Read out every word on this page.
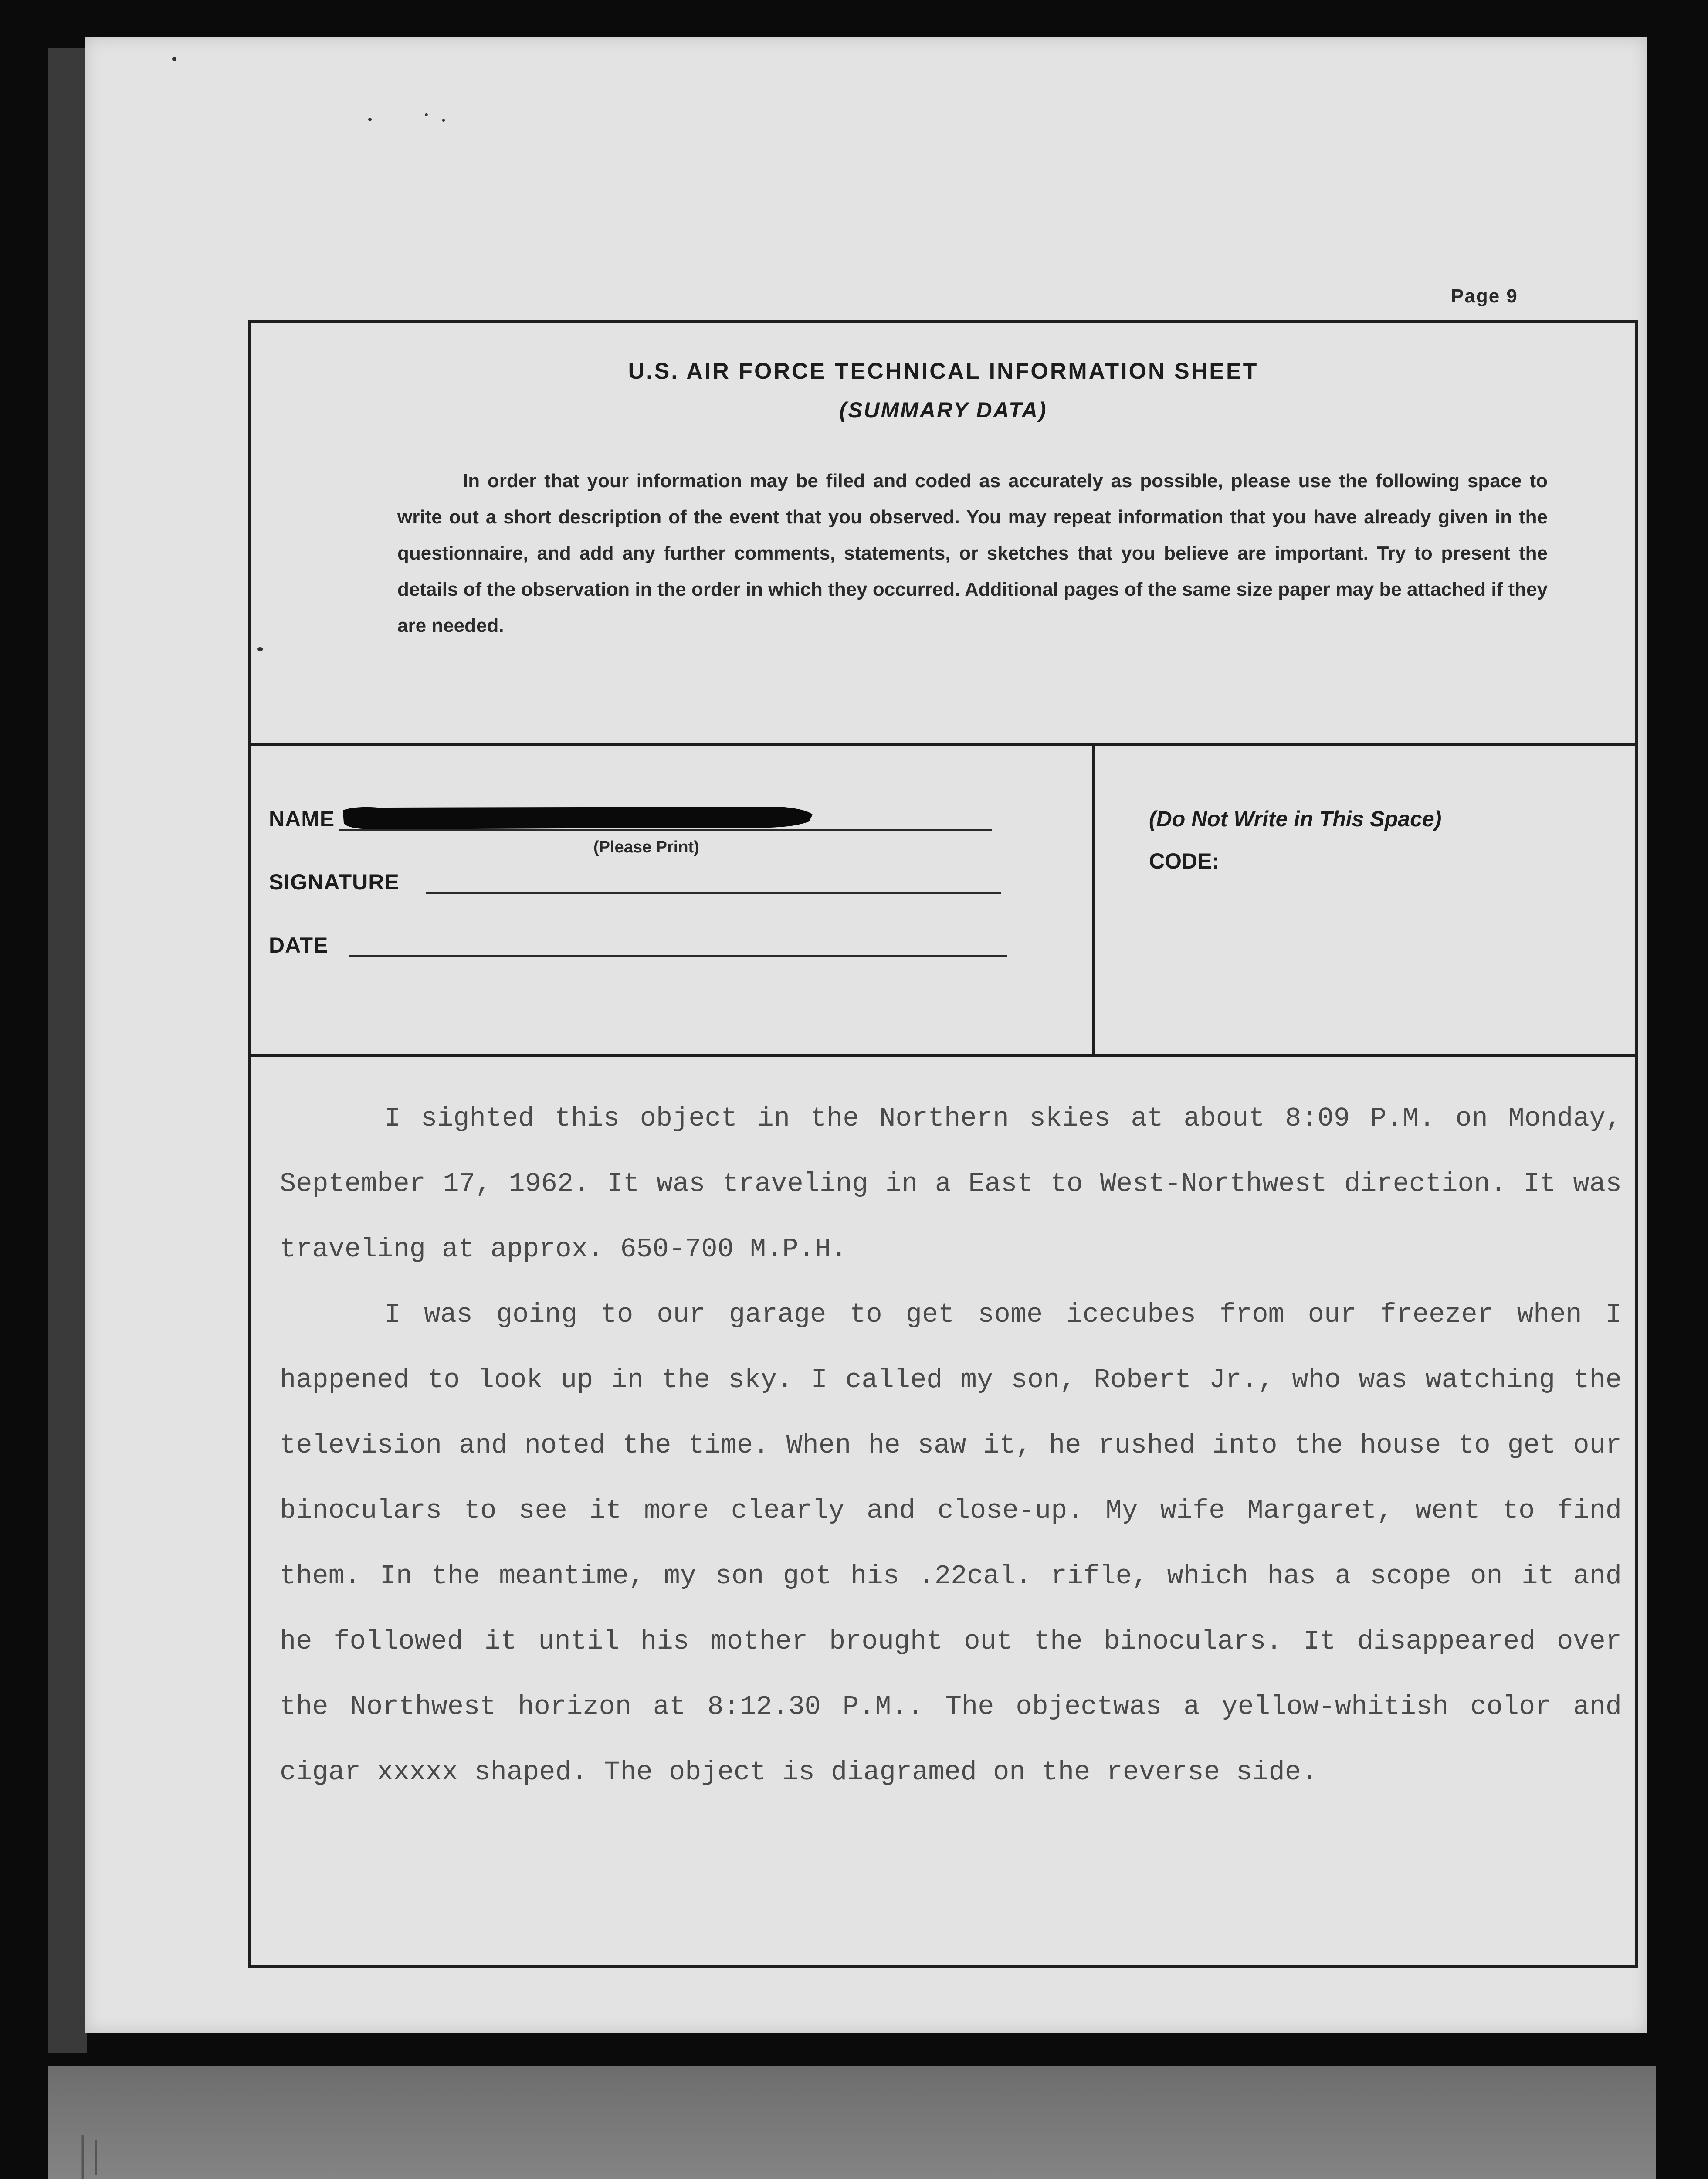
Page 9
U.S. AIR FORCE TECHNICAL INFORMATION SHEET
(SUMMARY DATA)

In order that your information may be filed and coded as accurately as possible, please use the following space to write out a short description of the event that you observed. You may repeat information that you have already given in the questionnaire, and add any further comments, statements, or sketches that you believe are important. Try to present the details of the observation in the order in which they occurred. Additional pages of the same size paper may be attached if they are needed.

NAME
(Please Print)
SIGNATURE
DATE
(Do Not Write in This Space)
CODE:

I sighted this object in the Northern skies at about 8:09 P.M. on Monday, September 17, 1962. It was traveling in a East to West-Northwest direction. It was traveling at approx. 650-700 M.P.H.

I was going to our garage to get some icecubes from our freezer when I happened to look up in the sky. I called my son, Robert Jr., who was watching the television and noted the time. When he saw it, he rushed into the house to get our binoculars to see it more clearly and close-up. My wife Margaret, went to find them. In the meantime, my son got his .22cal. rifle, which has a scope on it and he followed it until his mother brought out the binoculars. It disappeared over the Northwest horizon at 8:12.30 P.M.. The objectwas a yellow-whitish color and cigar xxxxx shaped. The object is diagramed on the reverse side.
